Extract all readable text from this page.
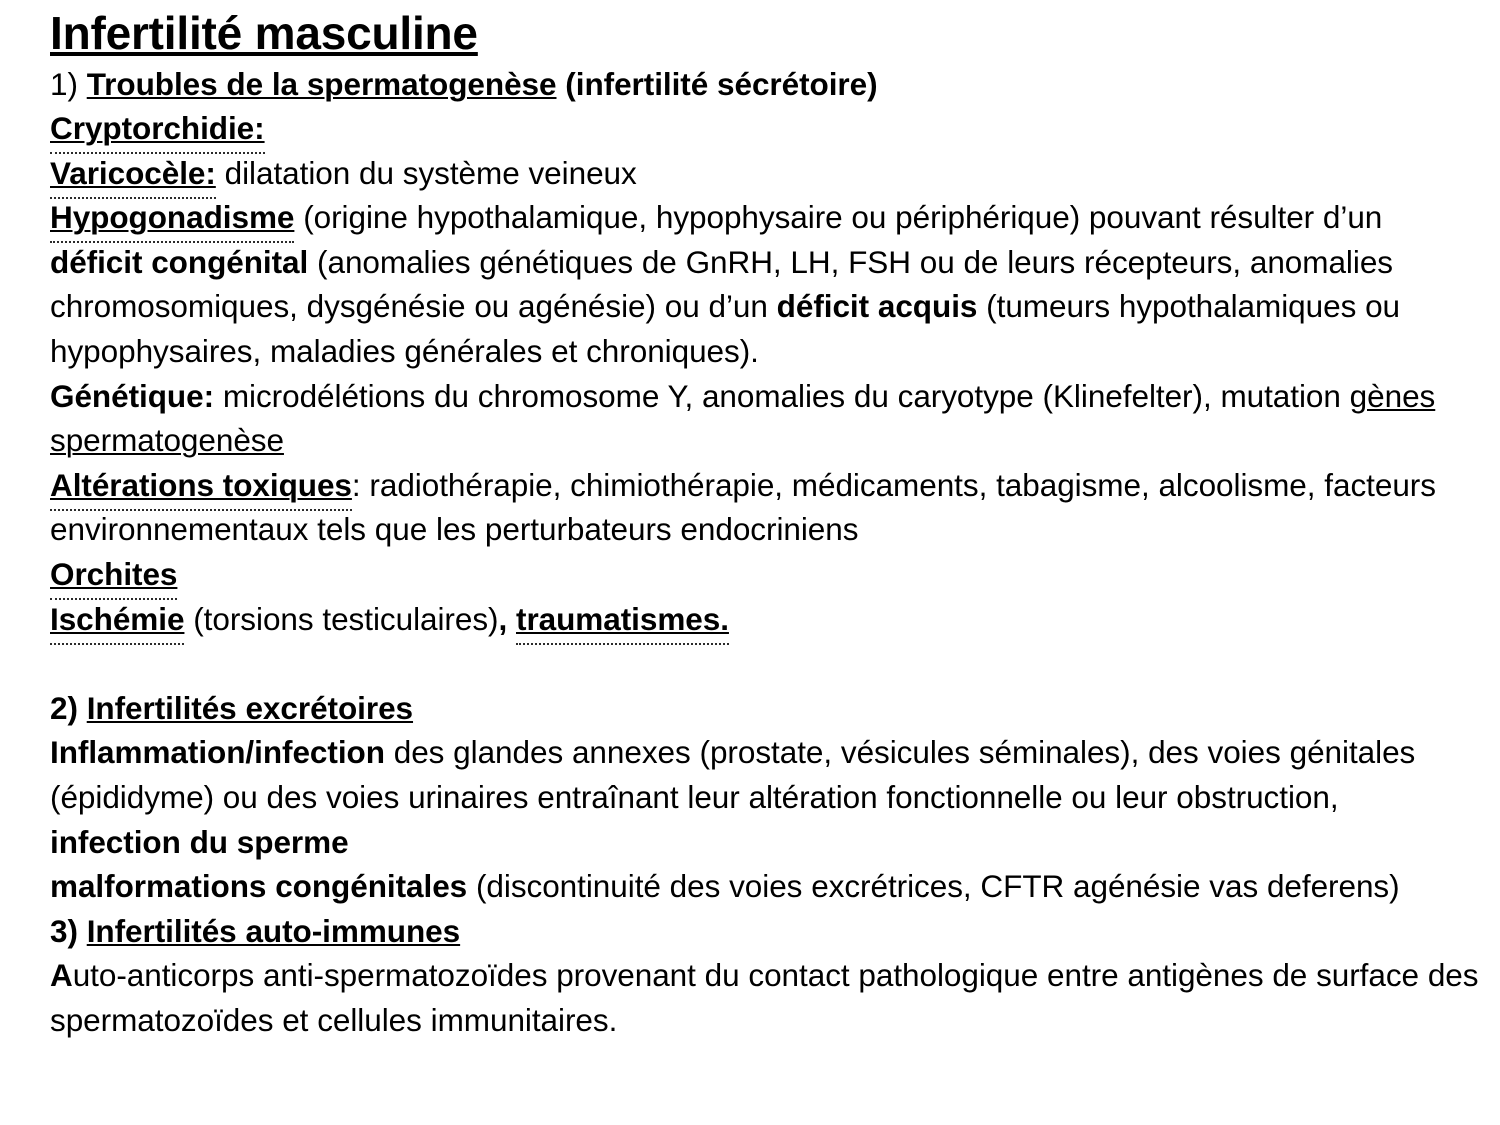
Infertilité masculine

1) Troubles de la spermatogenèse (infertilité sécrétoire)

Cryptorchidie:

Varicocèle: dilatation du système veineux

Hypogonadisme (origine hypothalamique, hypophysaire ou périphérique) pouvant résulter d’un déficit congénital (anomalies génétiques de GnRH, LH, FSH ou de leurs récepteurs, anomalies chromosomiques, dysgénésie ou agénésie) ou d’un déficit acquis (tumeurs hypothalamiques ou hypophysaires, maladies générales et chroniques).

Génétique: microdélétions du chromosome Y, anomalies du caryotype (Klinefelter), mutation gènes spermatogenèse

Altérations toxiques: radiothérapie, chimiothérapie, médicaments, tabagisme, alcoolisme, facteurs environnementaux tels que les perturbateurs endocriniens

Orchites

Ischémie (torsions testiculaires), traumatismes.

2) Infertilités excrétoires

Inflammation/infection des glandes annexes (prostate, vésicules séminales), des voies génitales (épididyme) ou des voies urinaires entraînant leur altération fonctionnelle ou leur obstruction,

infection du sperme

malformations congénitales (discontinuité des voies excrétrices, CFTR agénésie vas deferens)

3) Infertilités auto-immunes

Auto-anticorps anti-spermatozoïdes provenant du contact pathologique entre antigènes de surface des spermatozoïdes et cellules immunitaires.
